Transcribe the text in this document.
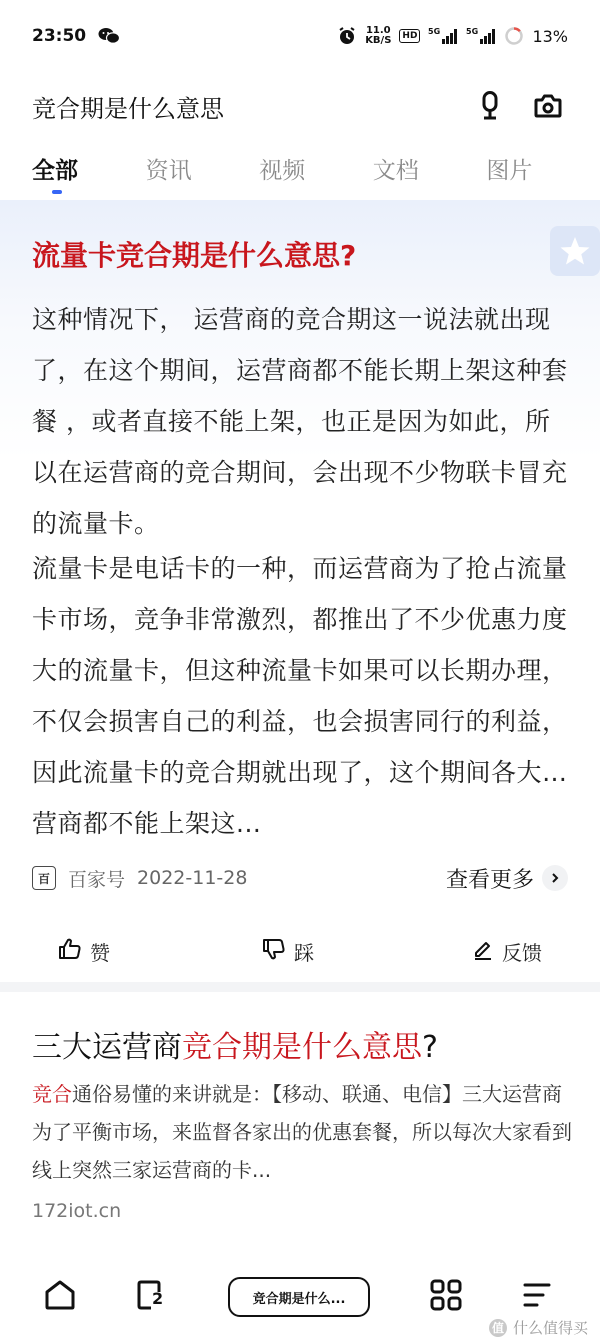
23:50	11.0
KB/S	HD	5G	5G	13%
竞合期是什么意思
全部	资讯	视频	文档	图片
流量卡竞合期是什么意思?
这种情况下， 运营商的竞合期这一说法就出现了，在这个期间，运营商都不能长期上架这种套餐 ，或者直接不能上架，也正是因为如此，所以在运营商的竞合期间，会出现不少物联卡冒充的流量卡。
流量卡是电话卡的一种，而运营商为了抢占流量卡市场，竞争非常激烈，都推出了不少优惠力度大的流量卡，但这种流量卡如果可以长期办理，不仅会损害自己的利益，也会损害同行的利益，因此流量卡的竞合期就出现了，这个期间各大运营商都不能上架这...
百 百家号 2022-11-28	查看更多
赞	踩	反馈
三大运营商竞合期是什么意思?
竞合通俗易懂的来讲就是：【移动、联通、电信】三大运营商为了平衡市场，来监督各家出的优惠套餐，所以每次大家看到线上突然三家运营商的卡...
172iot.cn
2	竞合期是什么...
值 什么值得买
